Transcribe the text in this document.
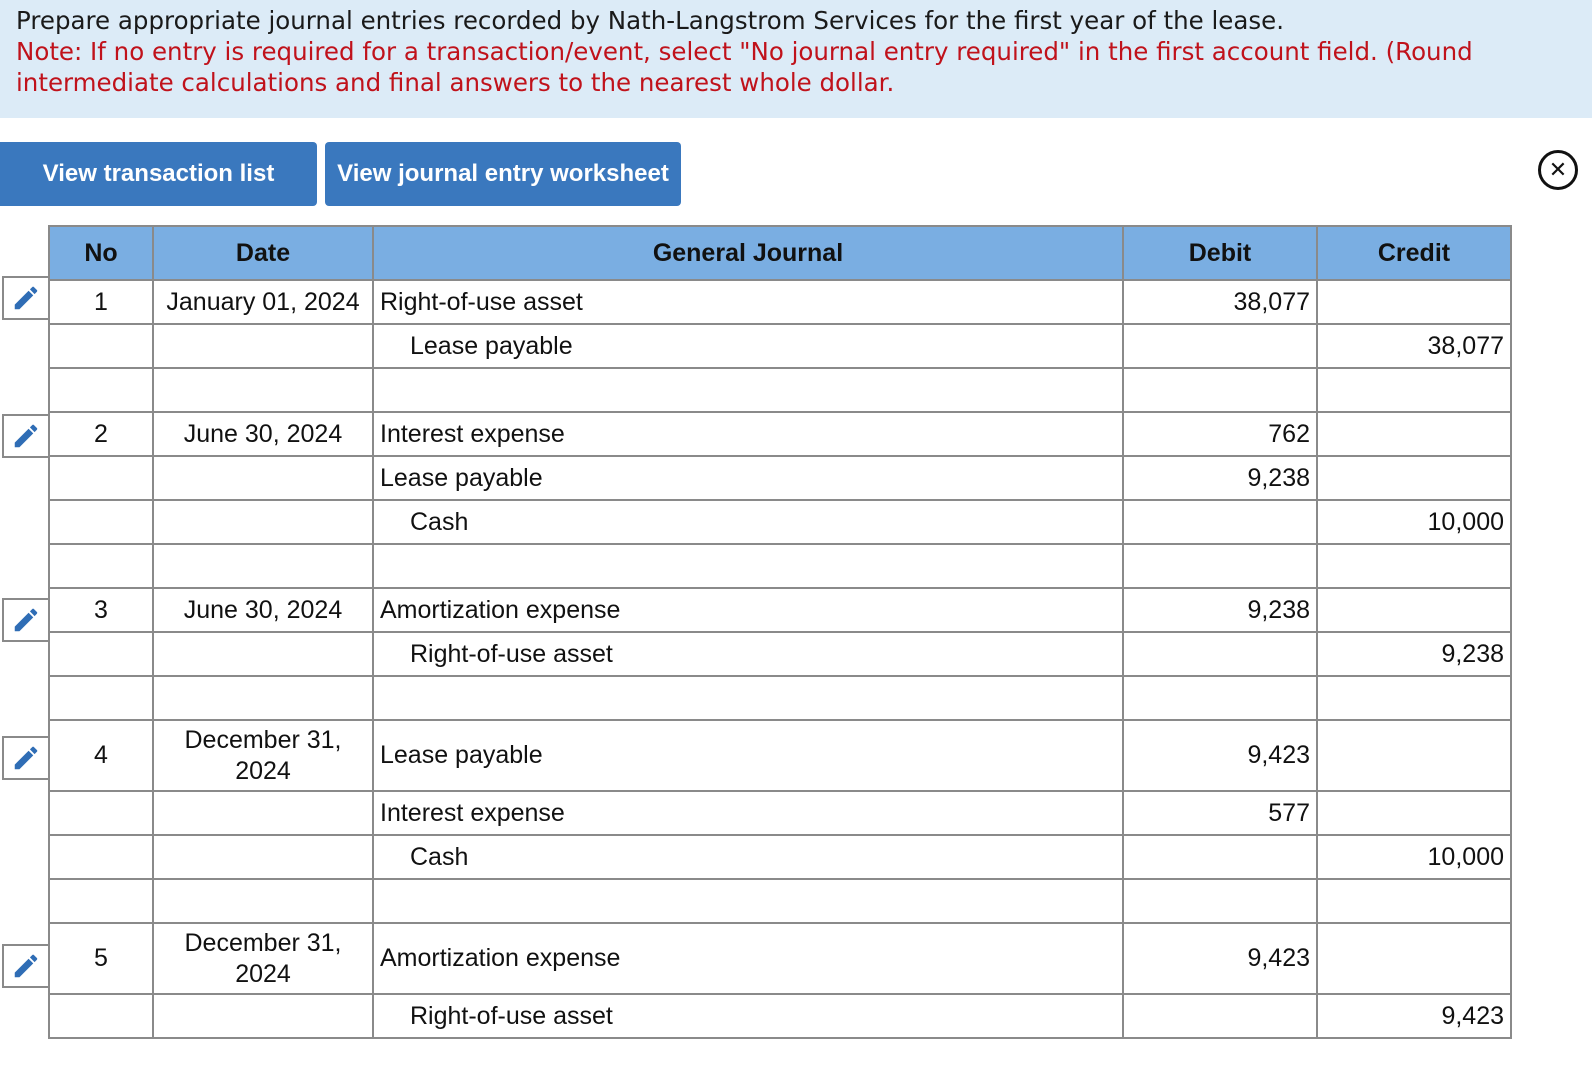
Prepare appropriate journal entries recorded by Nath-Langstrom Services for the first year of the lease.
Note: If no entry is required for a transaction/event, select "No journal entry required" in the first account field. (Round
intermediate calculations and final answers to the nearest whole dollar.
View transaction list	View journal entry worksheet	✕
No	Date	General Journal	Debit	Credit
1	January 01, 2024	Right-of-use asset	38,077	
		Lease payable		38,077

2	June 30, 2024	Interest expense	762	
		Lease payable	9,238	
		Cash		10,000

3	June 30, 2024	Amortization expense	9,238	
		Right-of-use asset		9,238

4	December 31, 2024	Lease payable	9,423	
		Interest expense	577	
		Cash		10,000

5	December 31, 2024	Amortization expense	9,423	
		Right-of-use asset		9,423
